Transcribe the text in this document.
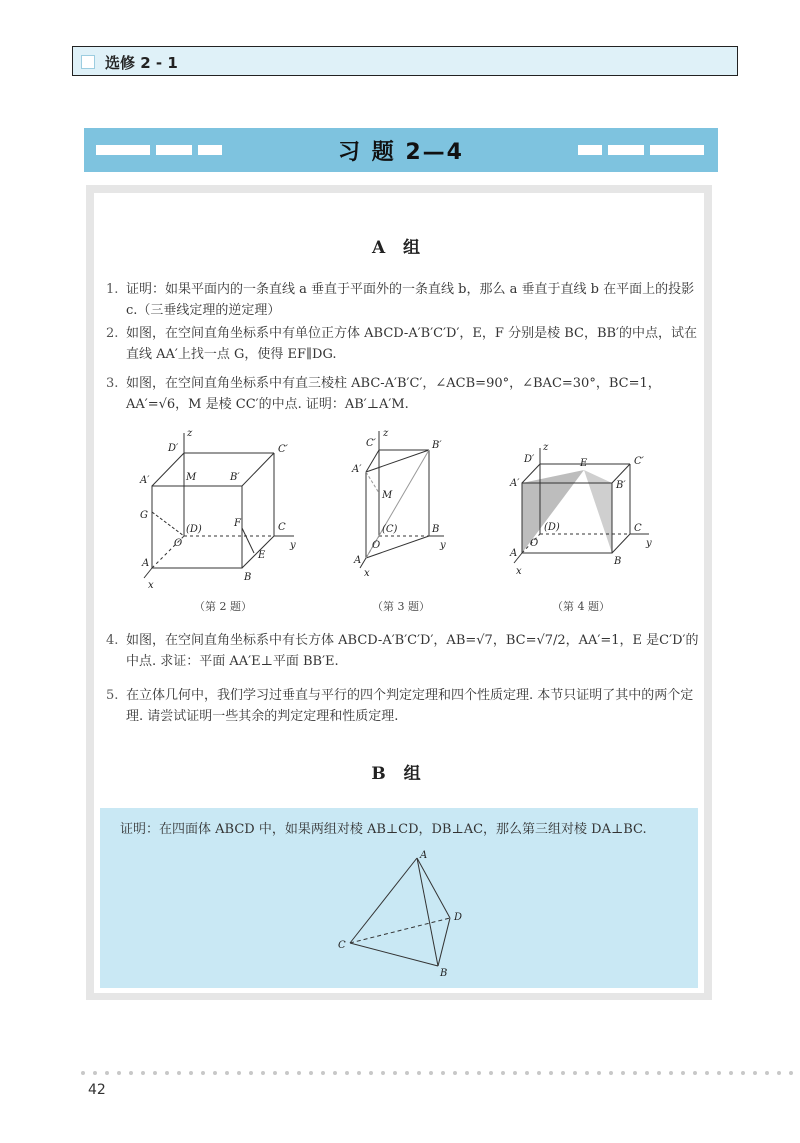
选修 2 - 1
习 题 2—4
A 组
1. 证明：如果平面内的一条直线 a 垂直于平面外的一条直线 b，那么 a 垂直于直线 b 在平面上的投影 c.（三垂线定理的逆定理）
2. 如图，在空间直角坐标系中有单位正方体 ABCD-A′B′C′D′，E，F 分别是棱 BC，BB′的中点，试在直线 AA′上找一点 G，使得 EF∥DG.
3. 如图，在空间直角坐标系中有直三棱柱 ABC-A′B′C′，∠ACB=90°，∠BAC=30°，BC=1，AA′=√6，M 是棱 CC′的中点. 证明：AB′⊥A′M.
z
D′	C′
A′	M	B′
G
(D)
F
O
C
y
A
E
B
x
C′
z
B′
A′
M
(C)	B
O	y
A
x
D′
z
E	C′
A′	B′
(D)
O
C
y
A
B
x
（第 2 题）	（第 3 题）	（第 4 题）
4. 如图，在空间直角坐标系中有长方体 ABCD-A′B′C′D′，AB=√7，BC=√7/2，AA′=1，E 是C′D′的中点. 求证：平面 AA′E⊥平面 BB′E.
5. 在立体几何中，我们学习过垂直与平行的四个判定定理和四个性质定理. 本节只证明了其中的两个定理. 请尝试证明一些其余的判定定理和性质定理.
B 组
证明：在四面体 ABCD 中，如果两组对棱 AB⊥CD，DB⊥AC，那么第三组对棱 DA⊥BC.
A
D
C
B
42
